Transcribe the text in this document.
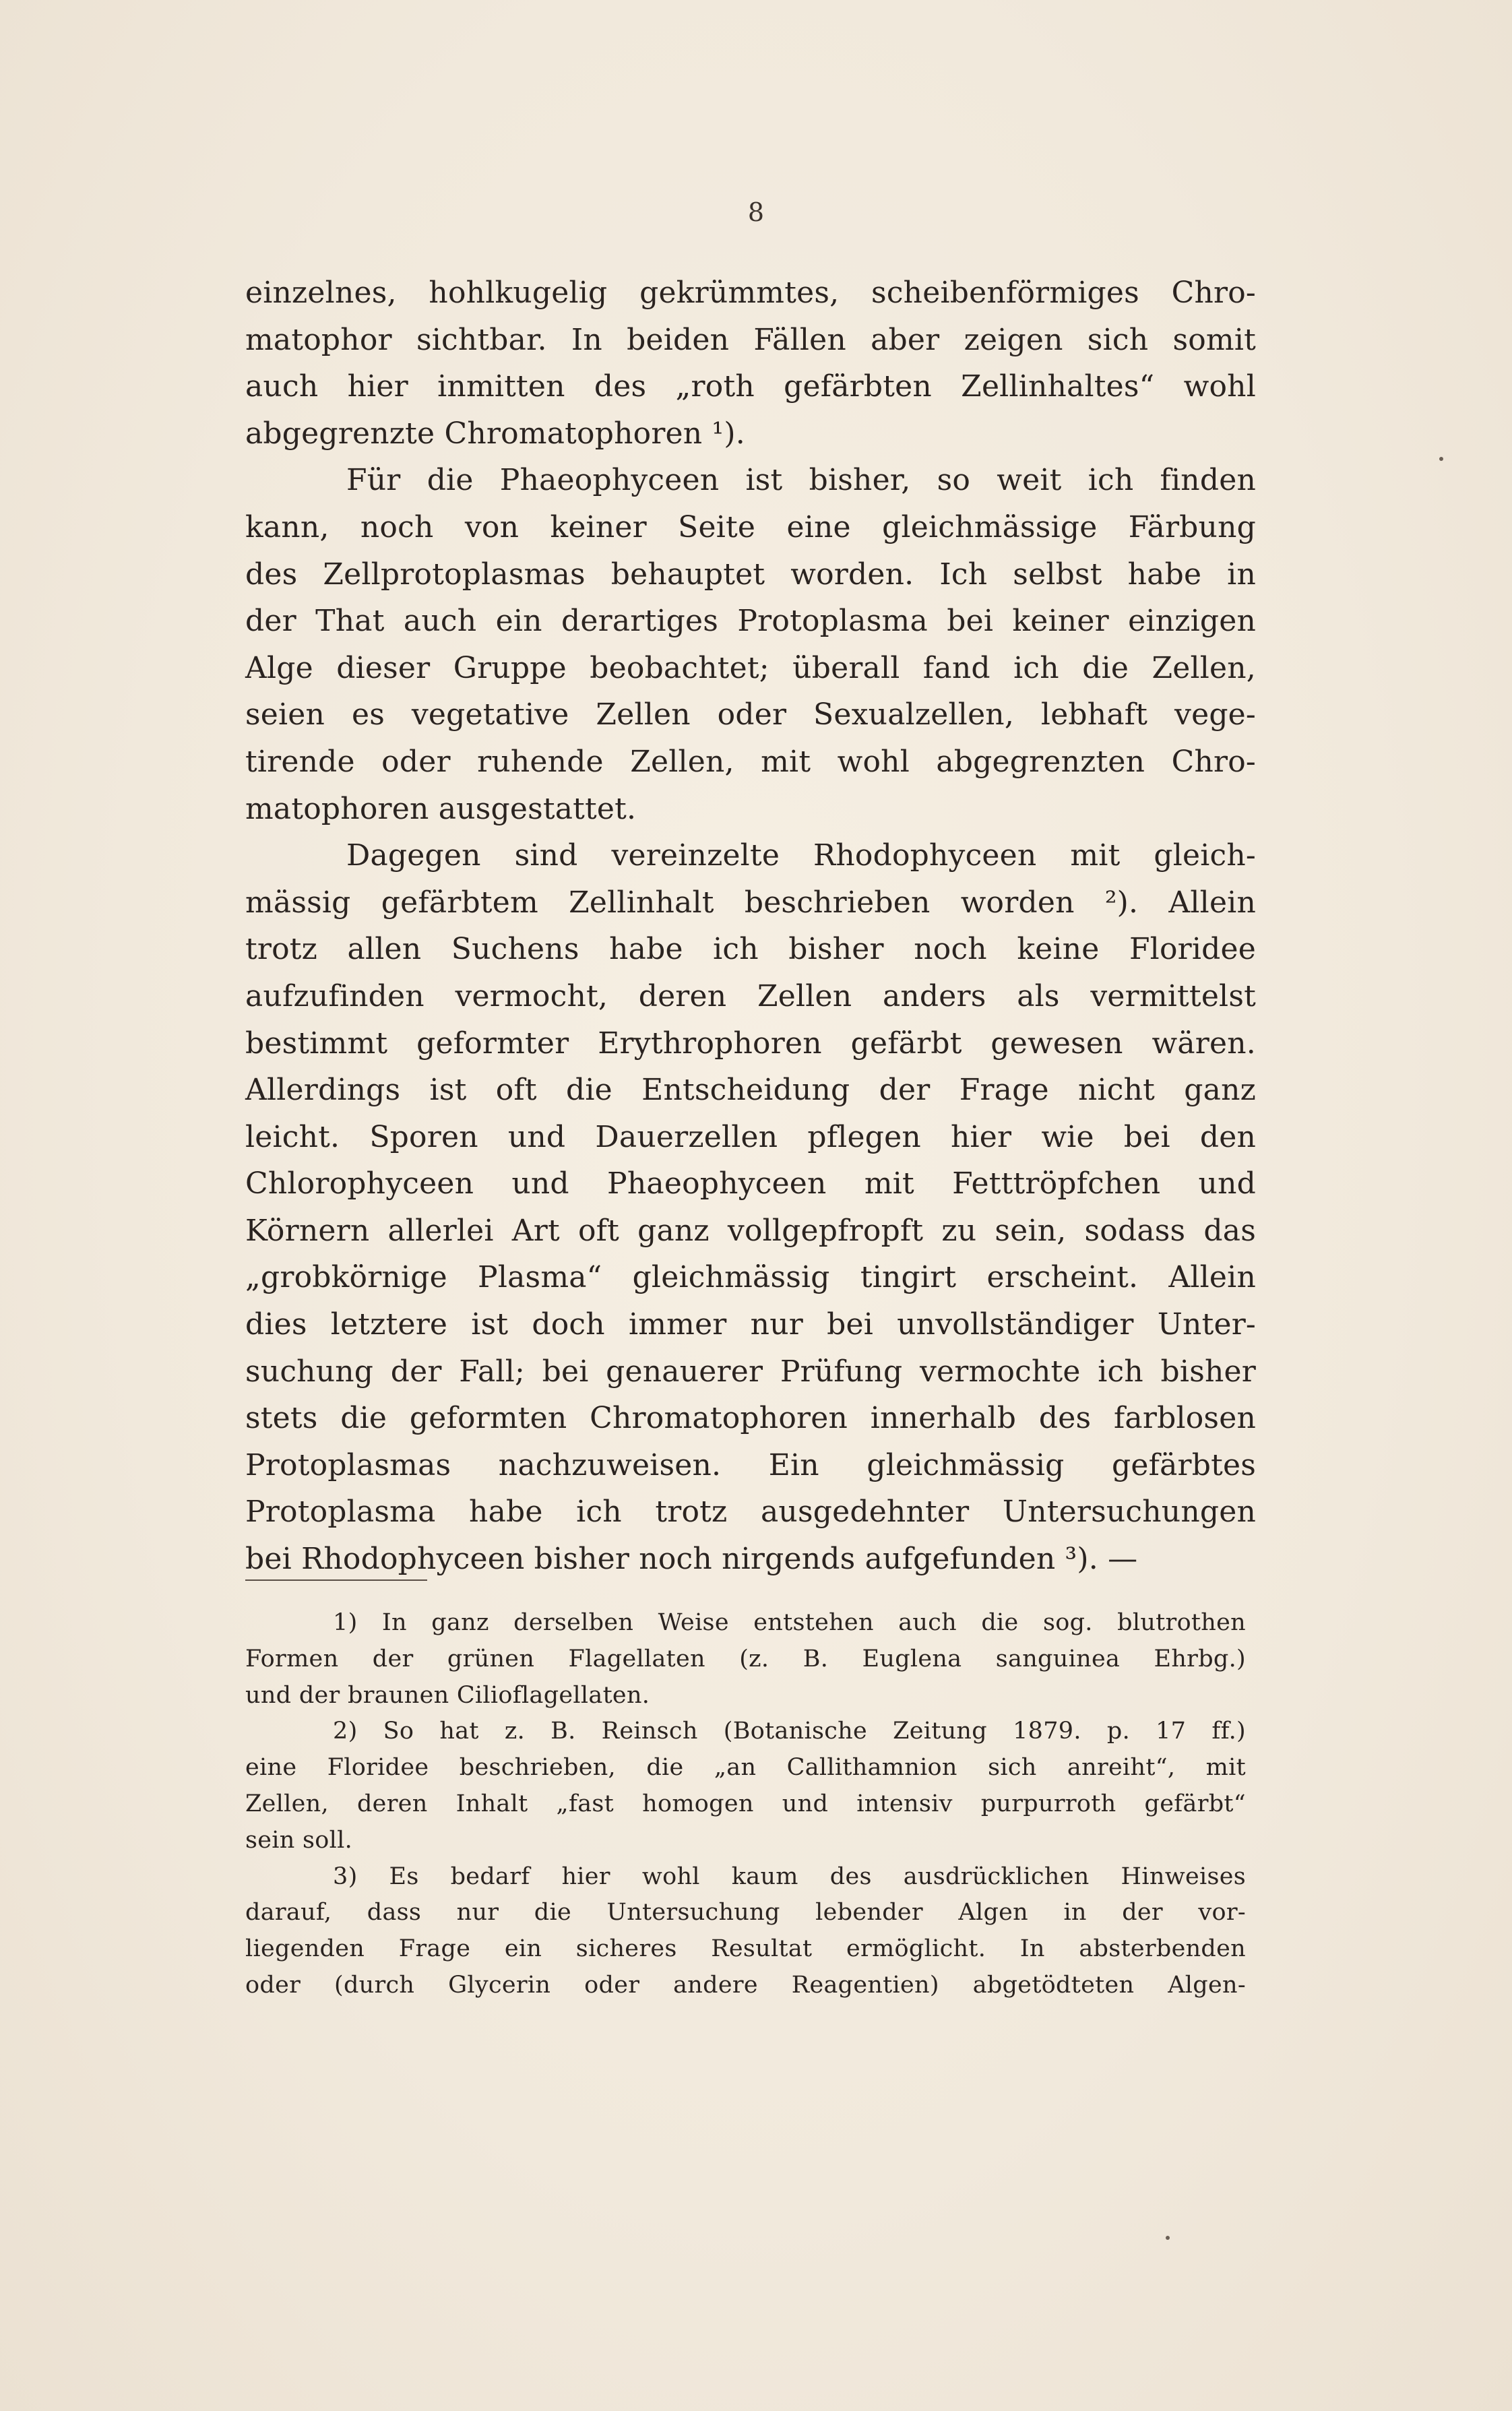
8
einzelnes, hohlkugelig gekrümmtes, scheibenförmiges Chro-
matophor sichtbar. In beiden Fällen aber zeigen sich somit
auch hier inmitten des „roth gefärbten Zellinhaltes“ wohl
abgegrenzte Chromatophoren ¹).
Für die Phaeophyceen ist bisher, so weit ich finden
kann, noch von keiner Seite eine gleichmässige Färbung
des Zellprotoplasmas behauptet worden. Ich selbst habe in
der That auch ein derartiges Protoplasma bei keiner einzigen
Alge dieser Gruppe beobachtet; überall fand ich die Zellen,
seien es vegetative Zellen oder Sexualzellen, lebhaft vege-
tirende oder ruhende Zellen, mit wohl abgegrenzten Chro-
matophoren ausgestattet.
Dagegen sind vereinzelte Rhodophyceen mit gleich-
mässig gefärbtem Zellinhalt beschrieben worden ²). Allein
trotz allen Suchens habe ich bisher noch keine Florideе
aufzufinden vermocht, deren Zellen anders als vermittelst
bestimmt geformter Erythrophoren gefärbt gewesen wären.
Allerdings ist oft die Entscheidung der Frage nicht ganz
leicht. Sporen und Dauerzellen pflegen hier wie bei den
Chlorophyceen und Phaeophyceen mit Fetttröpfchen und
Körnern allerlei Art oft ganz vollgepfropft zu sein, sodass das
„grobkörnige Plasma“ gleichmässig tingirt erscheint. Allein
dies letztere ist doch immer nur bei unvollständiger Unter-
suchung der Fall; bei genauerer Prüfung vermochte ich bisher
stets die geformten Chromatophoren innerhalb des farblosen
Protoplasmas nachzuweisen. Ein gleichmässig gefärbtes
Protoplasma habe ich trotz ausgedehnter Untersuchungen
bei Rhodophyceen bisher noch nirgends aufgefunden ³). —
1) In ganz derselben Weise entstehen auch die sog. blutrothen
Formen der grünen Flagellaten (z. B. Euglena sanguinea Ehrbg.)
und der braunen Cilioflagellaten.
2) So hat z. B. Reinsch (Botanische Zeitung 1879. p. 17 ff.)
eine Florideе beschrieben, die „an Callithamnion sich anreiht“, mit
Zellen, deren Inhalt „fast homogen und intensiv purpurroth gefärbt“
sein soll.
3) Es bedarf hier wohl kaum des ausdrücklichen Hinweises
darauf, dass nur die Untersuchung lebender Algen in der vor-
liegenden Frage ein sicheres Resultat ermöglicht. In absterbenden
oder (durch Glycerin oder andere Reagentien) abgetödteten Algen-
